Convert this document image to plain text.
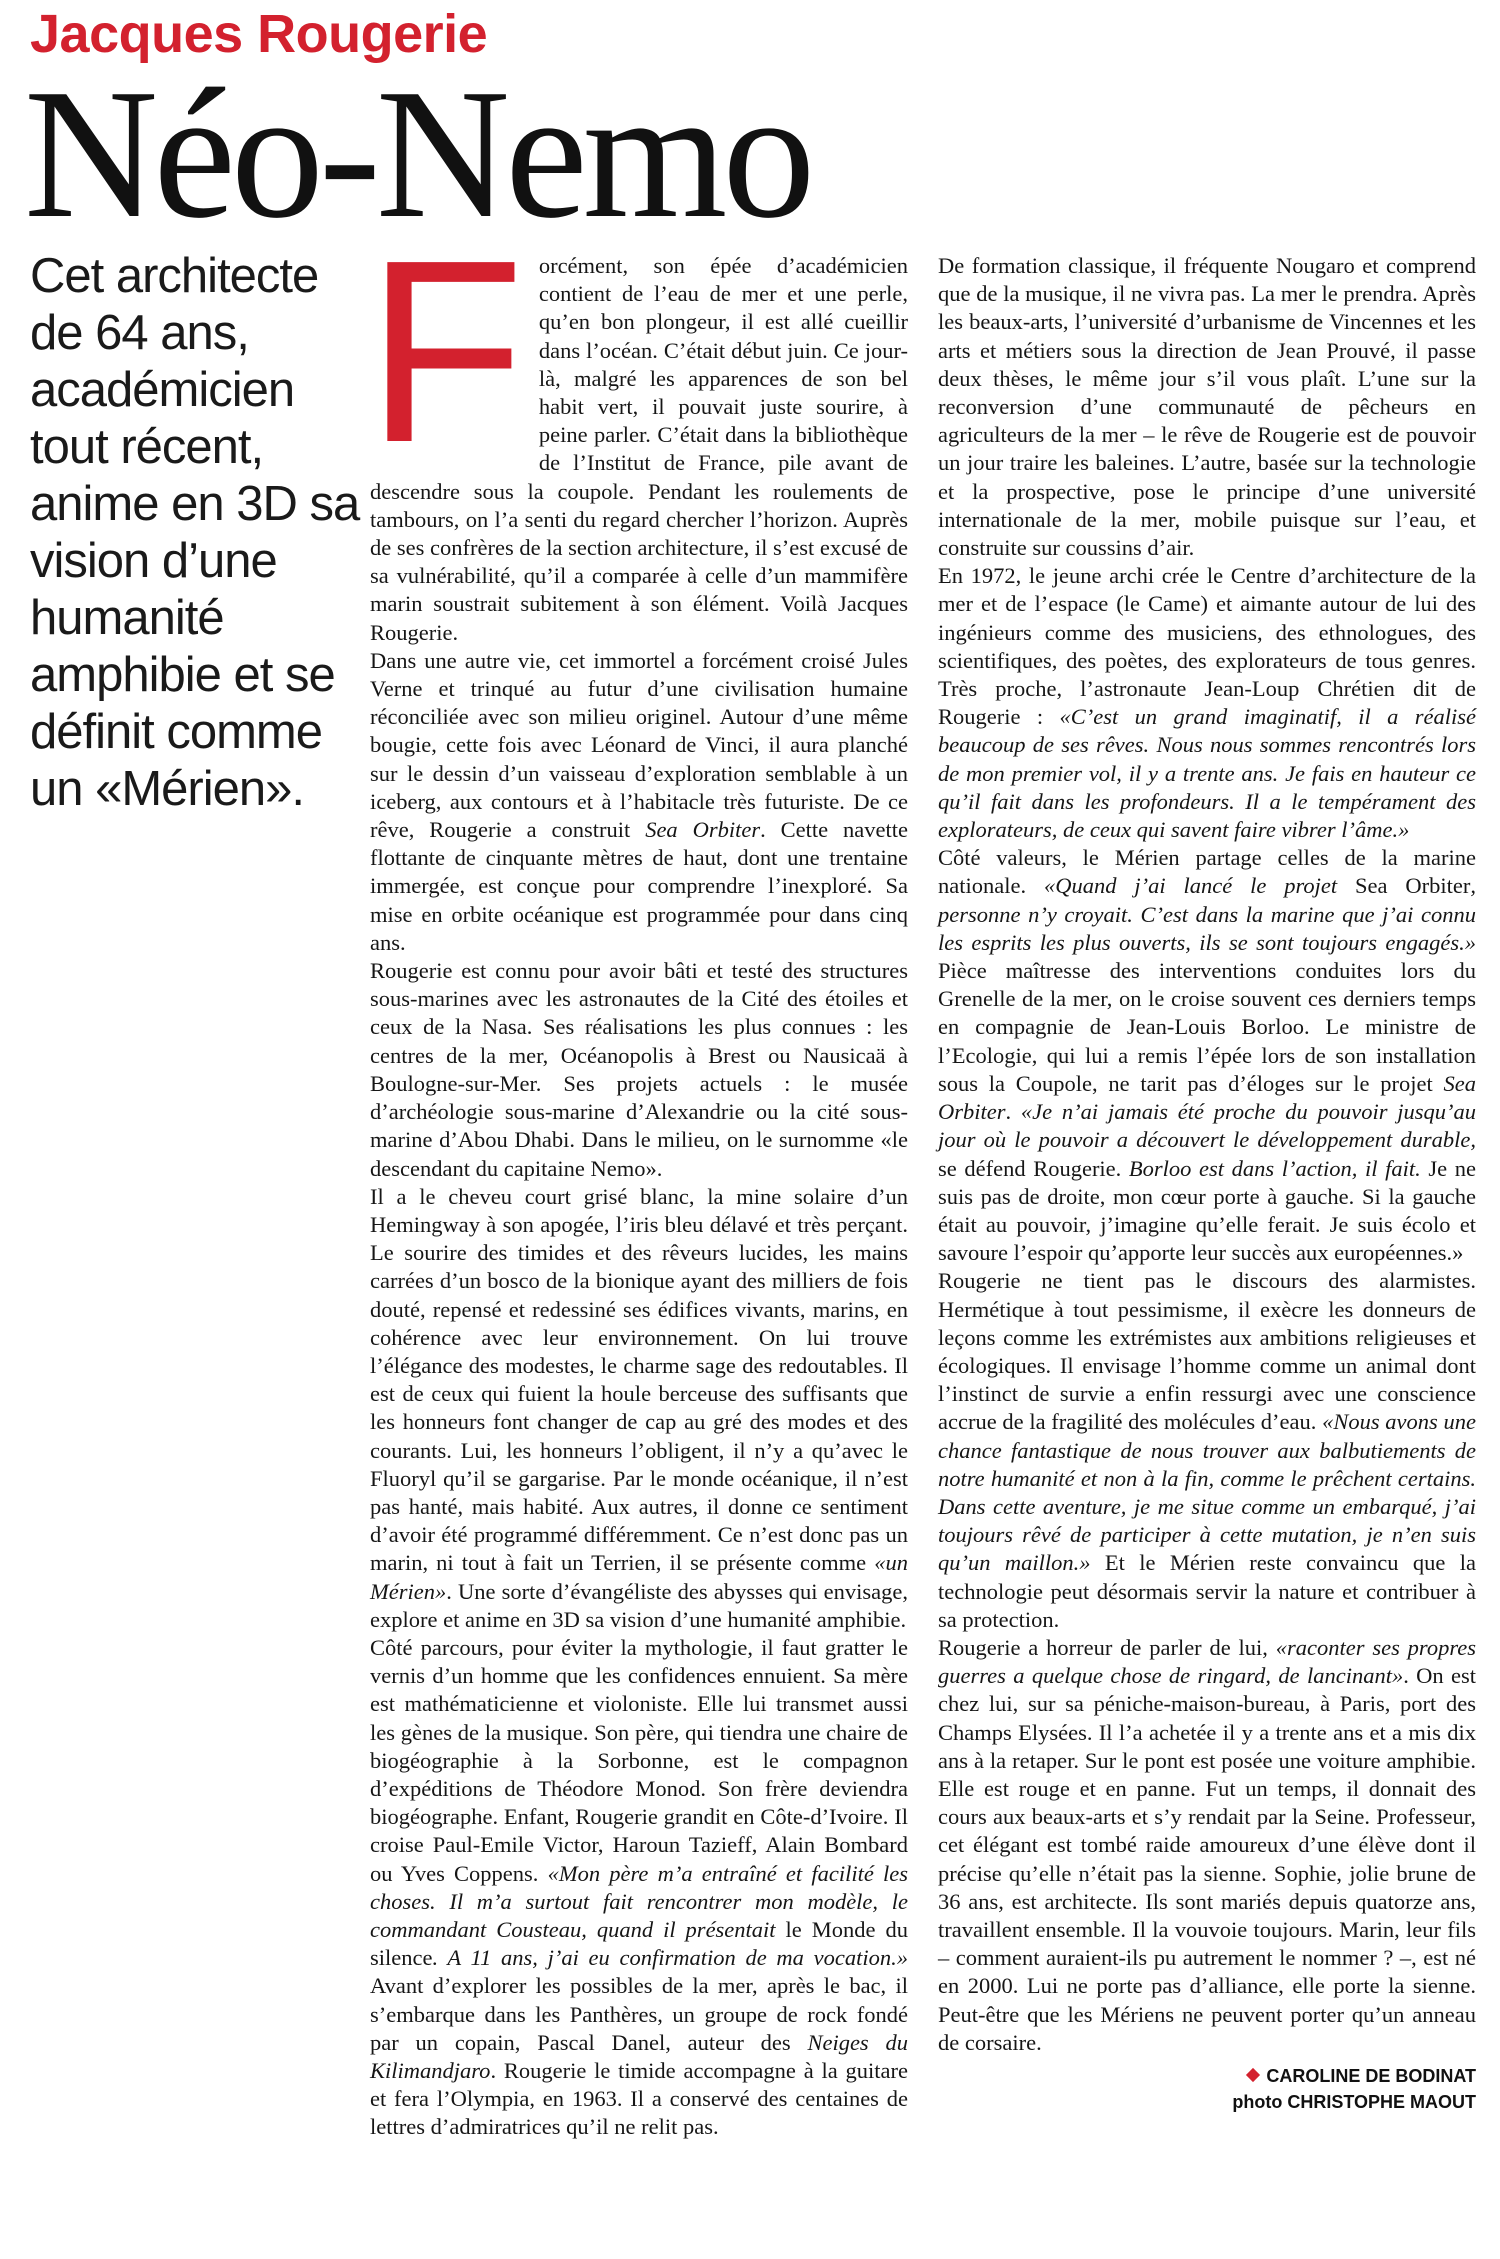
Jacques Rougerie
Néo-Nemo

Cet architecte de 64 ans, académicien tout récent, anime en 3D sa vision d’une humanité amphibie et se définit comme un «Mérien».

Forcément, son épée d’académicien contient de l’eau de mer et une perle, qu’en bon plongeur, il est allé cueillir dans l’océan. C’était début juin. Ce jour-là, malgré les apparences de son bel habit vert, il pouvait juste sourire, à peine parler. C’était dans la bibliothèque de l’Institut de France, pile avant de descendre sous la coupole. Pendant les roulements de tambours, on l’a senti du regard chercher l’horizon. Auprès de ses confrères de la section architecture, il s’est excusé de sa vulnérabilité, qu’il a comparée à celle d’un mammifère marin soustrait subitement à son élément. Voilà Jacques Rougerie.

Dans une autre vie, cet immortel a forcément croisé Jules Verne et trinqué au futur d’une civilisation humaine réconciliée avec son milieu originel. Autour d’une même bougie, cette fois avec Léonard de Vinci, il aura planché sur le dessin d’un vaisseau d’exploration semblable à un iceberg, aux contours et à l’habitacle très futuriste. De ce rêve, Rougerie a construit Sea Orbiter. Cette navette flottante de cinquante mètres de haut, dont une trentaine immergée, est conçue pour comprendre l’inexploré. Sa mise en orbite océanique est programmée pour dans cinq ans.

Rougerie est connu pour avoir bâti et testé des structures sous-marines avec les astronautes de la Cité des étoiles et ceux de la Nasa. Ses réalisations les plus connues : les centres de la mer, Océanopolis à Brest ou Nausicaä à Boulogne-sur-Mer. Ses projets actuels : le musée d’archéologie sous-marine d’Alexandrie ou la cité sous-marine d’Abou Dhabi. Dans le milieu, on le surnomme «le descendant du capitaine Nemo».

Il a le cheveu court grisé blanc, la mine solaire d’un Hemingway à son apogée, l’iris bleu délavé et très perçant. Le sourire des timides et des rêveurs lucides, les mains carrées d’un bosco de la bionique ayant des milliers de fois douté, repensé et redessiné ses édifices vivants, marins, en cohérence avec leur environnement. On lui trouve l’élégance des modestes, le charme sage des redoutables. Il est de ceux qui fuient la houle berceuse des suffisants que les honneurs font changer de cap au gré des modes et des courants. Lui, les honneurs l’obligent, il n’y a qu’avec le Fluoryl qu’il se gargarise. Par le monde océanique, il n’est pas hanté, mais habité. Aux autres, il donne ce sentiment d’avoir été programmé différemment. Ce n’est donc pas un marin, ni tout à fait un Terrien, il se présente comme «un Mérien». Une sorte d’évangéliste des abysses qui envisage, explore et anime en 3D sa vision d’une humanité amphibie.

Côté parcours, pour éviter la mythologie, il faut gratter le vernis d’un homme que les confidences ennuient. Sa mère est mathématicienne et violoniste. Elle lui transmet aussi les gènes de la musique. Son père, qui tiendra une chaire de biogéographie à la Sorbonne, est le compagnon d’expéditions de Théodore Monod. Son frère deviendra biogéographe. Enfant, Rougerie grandit en Côte-d’Ivoire. Il croise Paul-Emile Victor, Haroun Tazieff, Alain Bombard ou Yves Coppens. «Mon père m’a entraîné et facilité les choses. Il m’a surtout fait rencontrer mon modèle, le commandant Cousteau, quand il présentait le Monde du silence. A 11 ans, j’ai eu confirmation de ma vocation.» Avant d’explorer les possibles de la mer, après le bac, il s’embarque dans les Panthères, un groupe de rock fondé par un copain, Pascal Danel, auteur des Neiges du Kilimandjaro. Rougerie le timide accompagne à la guitare et fera l’Olympia, en 1963. Il a conservé des centaines de lettres d’admiratrices qu’il ne relit pas.

De formation classique, il fréquente Nougaro et comprend que de la musique, il ne vivra pas. La mer le prendra. Après les beaux-arts, l’université d’urbanisme de Vincennes et les arts et métiers sous la direction de Jean Prouvé, il passe deux thèses, le même jour s’il vous plaît. L’une sur la reconversion d’une communauté de pêcheurs en agriculteurs de la mer – le rêve de Rougerie est de pouvoir un jour traire les baleines. L’autre, basée sur la technologie et la prospective, pose le principe d’une université internationale de la mer, mobile puisque sur l’eau, et construite sur coussins d’air.

En 1972, le jeune archi crée le Centre d’architecture de la mer et de l’espace (le Came) et aimante autour de lui des ingénieurs comme des musiciens, des ethnologues, des scientifiques, des poètes, des explorateurs de tous genres. Très proche, l’astronaute Jean-Loup Chrétien dit de Rougerie : «C’est un grand imaginatif, il a réalisé beaucoup de ses rêves. Nous nous sommes rencontrés lors de mon premier vol, il y a trente ans. Je fais en hauteur ce qu’il fait dans les profondeurs. Il a le tempérament des explorateurs, de ceux qui savent faire vibrer l’âme.»

Côté valeurs, le Mérien partage celles de la marine nationale. «Quand j’ai lancé le projet Sea Orbiter, personne n’y croyait. C’est dans la marine que j’ai connu les esprits les plus ouverts, ils se sont toujours engagés.» Pièce maîtresse des interventions conduites lors du Grenelle de la mer, on le croise souvent ces derniers temps en compagnie de Jean-Louis Borloo. Le ministre de l’Ecologie, qui lui a remis l’épée lors de son installation sous la Coupole, ne tarit pas d’éloges sur le projet Sea Orbiter. «Je n’ai jamais été proche du pouvoir jusqu’au jour où le pouvoir a découvert le développement durable, se défend Rougerie. Borloo est dans l’action, il fait. Je ne suis pas de droite, mon cœur porte à gauche. Si la gauche était au pouvoir, j’imagine qu’elle ferait. Je suis écolo et savoure l’espoir qu’apporte leur succès aux européennes.»

Rougerie ne tient pas le discours des alarmistes. Hermétique à tout pessimisme, il exècre les donneurs de leçons comme les extrémistes aux ambitions religieuses et écologiques. Il envisage l’homme comme un animal dont l’instinct de survie a enfin ressurgi avec une conscience accrue de la fragilité des molécules d’eau. «Nous avons une chance fantastique de nous trouver aux balbutiements de notre humanité et non à la fin, comme le prêchent certains. Dans cette aventure, je me situe comme un embarqué, j’ai toujours rêvé de participer à cette mutation, je n’en suis qu’un maillon.» Et le Mérien reste convaincu que la technologie peut désormais servir la nature et contribuer à sa protection.

Rougerie a horreur de parler de lui, «raconter ses propres guerres a quelque chose de ringard, de lancinant». On est chez lui, sur sa péniche-maison-bureau, à Paris, port des Champs Elysées. Il l’a achetée il y a trente ans et a mis dix ans à la retaper. Sur le pont est posée une voiture amphibie. Elle est rouge et en panne. Fut un temps, il donnait des cours aux beaux-arts et s’y rendait par la Seine. Professeur, cet élégant est tombé raide amoureux d’une élève dont il précise qu’elle n’était pas la sienne. Sophie, jolie brune de 36 ans, est architecte. Ils sont mariés depuis quatorze ans, travaillent ensemble. Il la vouvoie toujours. Marin, leur fils – comment auraient-ils pu autrement le nommer ? –, est né en 2000. Lui ne porte pas d’alliance, elle porte la sienne. Peut-être que les Mériens ne peuvent porter qu’un anneau de corsaire.

CAROLINE DE BODINAT
photo CHRISTOPHE MAOUT
